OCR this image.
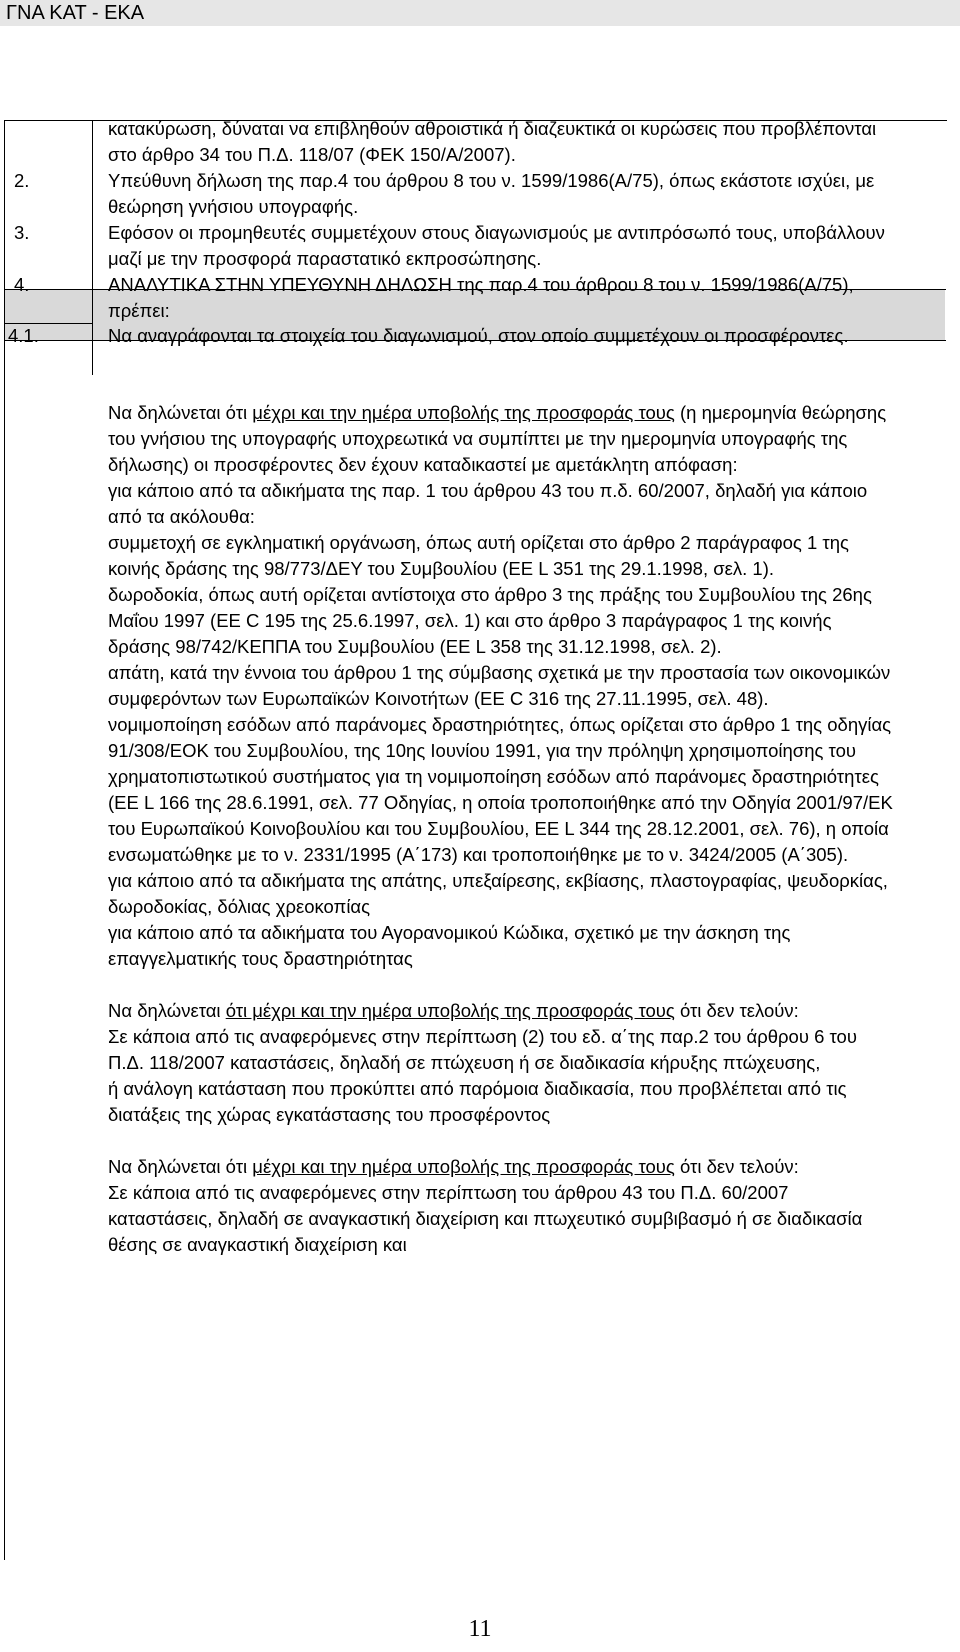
ΓΝΑ ΚΑΤ - ΕΚΑ

κατακύρωση, δύναται να επιβληθούν αθροιστικά ή διαζευκτικά οι κυρώσεις που προβλέπονται στο άρθρο 34 του Π.Δ. 118/07 (ΦΕΚ 150/Α/2007).

2.	Υπεύθυνη δήλωση της παρ.4 του άρθρου 8 του ν. 1599/1986(Α/75), όπως εκάστοτε ισχύει, με θεώρηση γνήσιου υπογραφής.

3.	Εφόσον οι προμηθευτές συμμετέχουν στους διαγωνισμούς με αντιπρόσωπό τους, υποβάλλουν μαζί με την προσφορά παραστατικό εκπροσώπησης.

4.	ΑΝΑΛΥΤΙΚΑ ΣΤΗΝ ΥΠΕΥΘΥΝΗ ΔΗΛΩΣΗ της παρ.4 του άρθρου 8 του ν. 1599/1986(Α/75), πρέπει:

4.1.	Να αναγράφονται τα στοιχεία του διαγωνισμού, στον οποίο συμμετέχουν οι προσφέροντες.

Να δηλώνεται ότι μέχρι και την ημέρα υποβολής της προσφοράς τους (η ημερομηνία θεώρησης του γνήσιου της υπογραφής υποχρεωτικά να συμπίπτει με την ημερομηνία υπογραφής της δήλωσης) οι προσφέροντες δεν έχουν καταδικαστεί με αμετάκλητη απόφαση:

για κάποιο από τα αδικήματα της παρ. 1 του άρθρου 43 του π.δ. 60/2007, δηλαδή για κάποιο από τα ακόλουθα:

συμμετοχή σε εγκληματική οργάνωση, όπως αυτή ορίζεται στο άρθρο 2 παράγραφος 1 της κοινής δράσης της 98/773/ΔΕΥ του Συμβουλίου (ΕΕ L 351 της 29.1.1998, σελ. 1).

δωροδοκία, όπως αυτή ορίζεται αντίστοιχα στο άρθρο 3 της πράξης του Συμβουλίου της 26ης Μαΐου 1997 (ΕΕ C 195 της 25.6.1997, σελ. 1) και στο άρθρο 3 παράγραφος 1 της κοινής δράσης 98/742/ΚΕΠΠΑ του Συμβουλίου (ΕΕ L 358 της 31.12.1998, σελ. 2).

απάτη, κατά την έννοια του άρθρου 1 της σύμβασης σχετικά με την προστασία των οικονομικών συμφερόντων των Ευρωπαϊκών Κοινοτήτων (ΕΕ C 316 της 27.11.1995, σελ. 48).

νομιμοποίηση εσόδων από παράνομες δραστηριότητες, όπως ορίζεται στο άρθρο 1 της οδηγίας 91/308/ΕΟΚ του Συμβουλίου, της 10ης Ιουνίου 1991, για την πρόληψη χρησιμοποίησης του χρηματοπιστωτικού συστήματος για τη νομιμοποίηση εσόδων από παράνομες δραστηριότητες (ΕΕ L 166 της 28.6.1991, σελ. 77 Οδηγίας, η οποία τροποποιήθηκε από την Οδηγία 2001/97/ΕΚ του Ευρωπαϊκού Κοινοβουλίου και του Συμβουλίου, ΕΕ L 344 της 28.12.2001, σελ. 76), η οποία ενσωματώθηκε με το ν. 2331/1995 (Α΄173) και τροποποιήθηκε με το ν. 3424/2005 (Α΄305).

για κάποιο από τα αδικήματα της απάτης, υπεξαίρεσης, εκβίασης, πλαστογραφίας, ψευδορκίας, δωροδοκίας, δόλιας χρεοκοπίας

για κάποιο από τα αδικήματα του Αγορανομικού Κώδικα, σχετικό με την άσκηση της επαγγελματικής τους δραστηριότητας

Να δηλώνεται ότι μέχρι και την ημέρα υποβολής της προσφοράς τους ότι δεν τελούν:

Σε κάποια από τις αναφερόμενες στην περίπτωση (2) του εδ. α΄της παρ.2 του άρθρου 6 του Π.Δ. 118/2007 καταστάσεις, δηλαδή σε πτώχευση ή σε διαδικασία κήρυξης πτώχευσης,

ή ανάλογη κατάσταση που προκύπτει από παρόμοια διαδικασία, που προβλέπεται από τις διατάξεις της χώρας εγκατάστασης του προσφέροντος

Να δηλώνεται ότι μέχρι και την ημέρα υποβολής της προσφοράς τους ότι δεν τελούν:

Σε κάποια από τις αναφερόμενες στην περίπτωση του άρθρου 43 του Π.Δ. 60/2007 καταστάσεις, δηλαδή σε αναγκαστική διαχείριση και πτωχευτικό συμβιβασμό ή σε διαδικασία θέσης σε αναγκαστική διαχείριση και

11
